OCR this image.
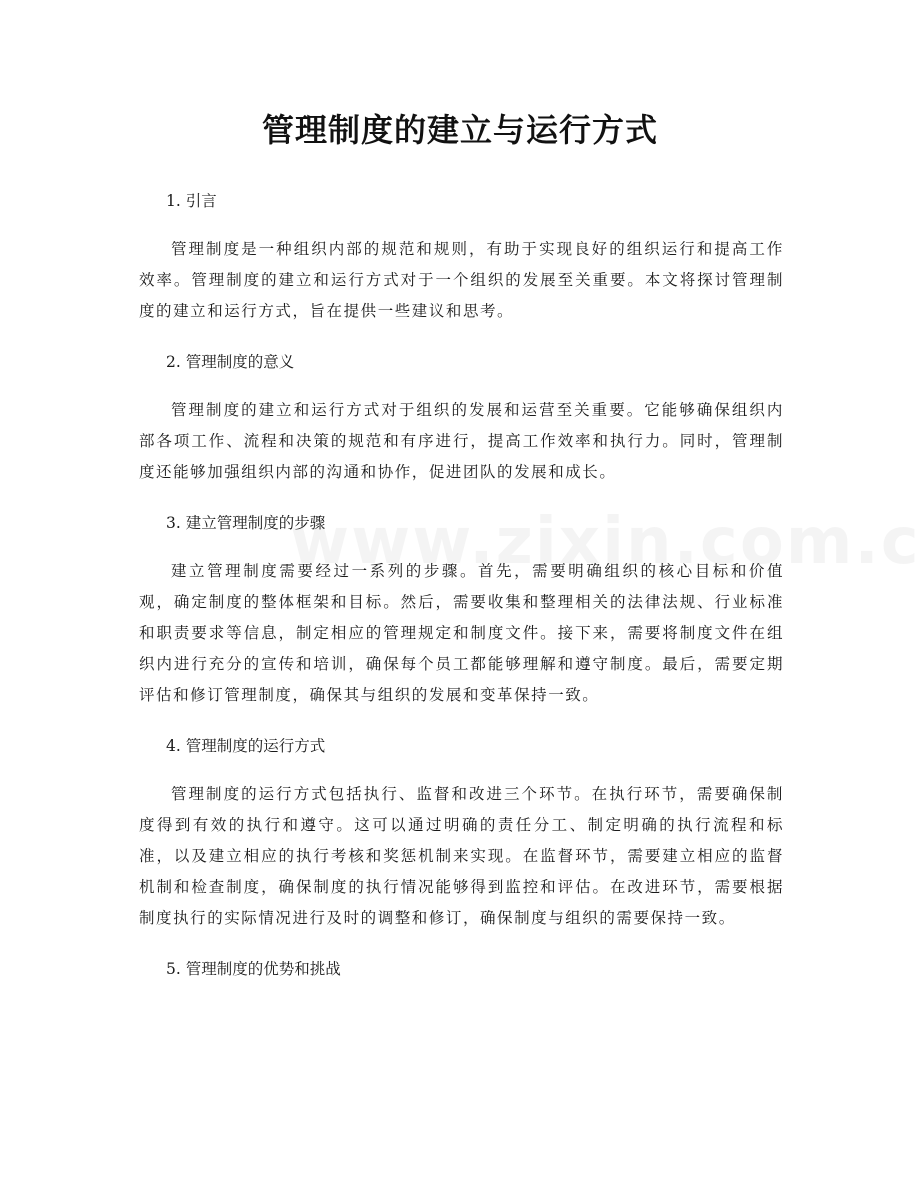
管理制度的建立与运行方式
1. 引言

管理制度是一种组织内部的规范和规则，有助于实现良好的组织运行和提高工作效率。管理制度的建立和运行方式对于一个组织的发展至关重要。本文将探讨管理制度的建立和运行方式，旨在提供一些建议和思考。

2. 管理制度的意义

管理制度的建立和运行方式对于组织的发展和运营至关重要。它能够确保组织内部各项工作、流程和决策的规范和有序进行，提高工作效率和执行力。同时，管理制度还能够加强组织内部的沟通和协作，促进团队的发展和成长。

3. 建立管理制度的步骤

建立管理制度需要经过一系列的步骤。首先，需要明确组织的核心目标和价值观，确定制度的整体框架和目标。然后，需要收集和整理相关的法律法规、行业标准和职责要求等信息，制定相应的管理规定和制度文件。接下来，需要将制度文件在组织内进行充分的宣传和培训，确保每个员工都能够理解和遵守制度。最后，需要定期评估和修订管理制度，确保其与组织的发展和变革保持一致。

4. 管理制度的运行方式

管理制度的运行方式包括执行、监督和改进三个环节。在执行环节，需要确保制度得到有效的执行和遵守。这可以通过明确的责任分工、制定明确的执行流程和标准，以及建立相应的执行考核和奖惩机制来实现。在监督环节，需要建立相应的监督机制和检查制度，确保制度的执行情况能够得到监控和评估。在改进环节，需要根据制度执行的实际情况进行及时的调整和修订，确保制度与组织的需要保持一致。

5. 管理制度的优势和挑战
